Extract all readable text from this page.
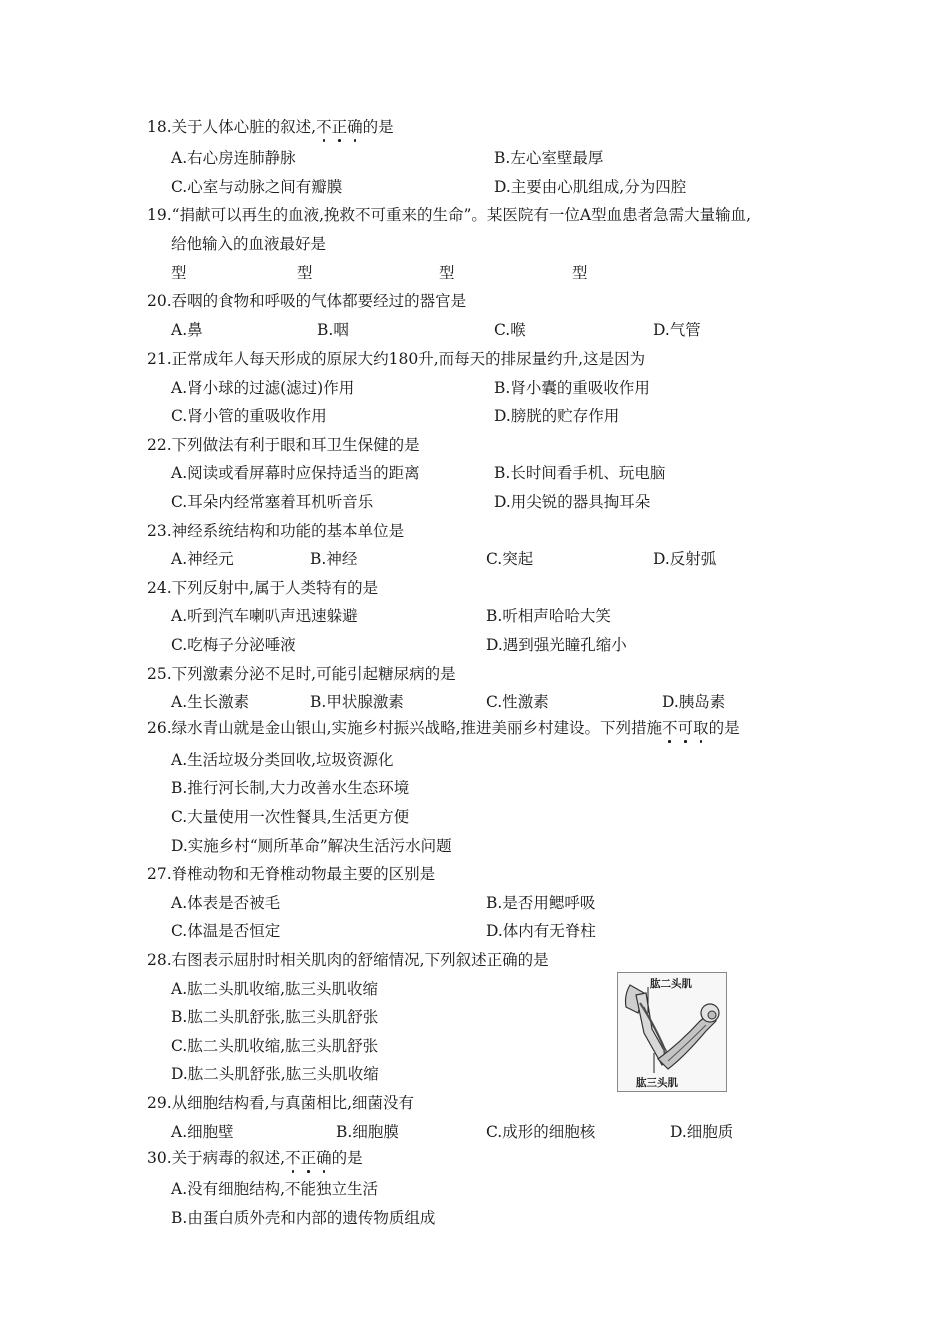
18.关于人体心脏的叙述,不正确的是
A.右心房连肺静脉	B.左心室壁最厚
C.心室与动脉之间有瓣膜	D.主要由心肌组成,分为四腔
19.“捐献可以再生的血液,挽救不可重来的生命”。某医院有一位A型血患者急需大量输血,
给他输入的血液最好是
型	型	型	型
20.吞咽的食物和呼吸的气体都要经过的器官是
A.鼻	B.咽	C.喉	D.气管
21.正常成年人每天形成的原尿大约180升,而每天的排尿量约升,这是因为
A.肾小球的过滤(滤过)作用	B.肾小囊的重吸收作用
C.肾小管的重吸收作用	D.膀胱的贮存作用
22.下列做法有利于眼和耳卫生保健的是
A.阅读或看屏幕时应保持适当的距离	B.长时间看手机、玩电脑
C.耳朵内经常塞着耳机听音乐	D.用尖锐的器具掏耳朵
23.神经系统结构和功能的基本单位是
A.神经元	B.神经	C.突起	D.反射弧
24.下列反射中,属于人类特有的是
A.听到汽车喇叭声迅速躲避	B.听相声哈哈大笑
C.吃梅子分泌唾液	D.遇到强光瞳孔缩小
25.下列激素分泌不足时,可能引起糖尿病的是
A.生长激素	B.甲状腺激素	C.性激素	D.胰岛素
26.绿水青山就是金山银山,实施乡村振兴战略,推进美丽乡村建设。下列措施不可取的是
A.生活垃圾分类回收,垃圾资源化
B.推行河长制,大力改善水生态环境
C.大量使用一次性餐具,生活更方便
D.实施乡村“厕所革命”解决生活污水问题
27.脊椎动物和无脊椎动物最主要的区别是
A.体表是否被毛	B.是否用鳃呼吸
C.体温是否恒定	D.体内有无脊柱
28.右图表示屈肘时相关肌肉的舒缩情况,下列叙述正确的是
A.肱二头肌收缩,肱三头肌收缩
B.肱二头肌舒张,肱三头肌舒张
C.肱二头肌收缩,肱三头肌舒张
D.肱二头肌舒张,肱三头肌收缩
肱二头肌
肱三头肌
29.从细胞结构看,与真菌相比,细菌没有
A.细胞壁	B.细胞膜	C.成形的细胞核	D.细胞质
30.关于病毒的叙述,不正确的是
A.没有细胞结构,不能独立生活
B.由蛋白质外壳和内部的遗传物质组成
